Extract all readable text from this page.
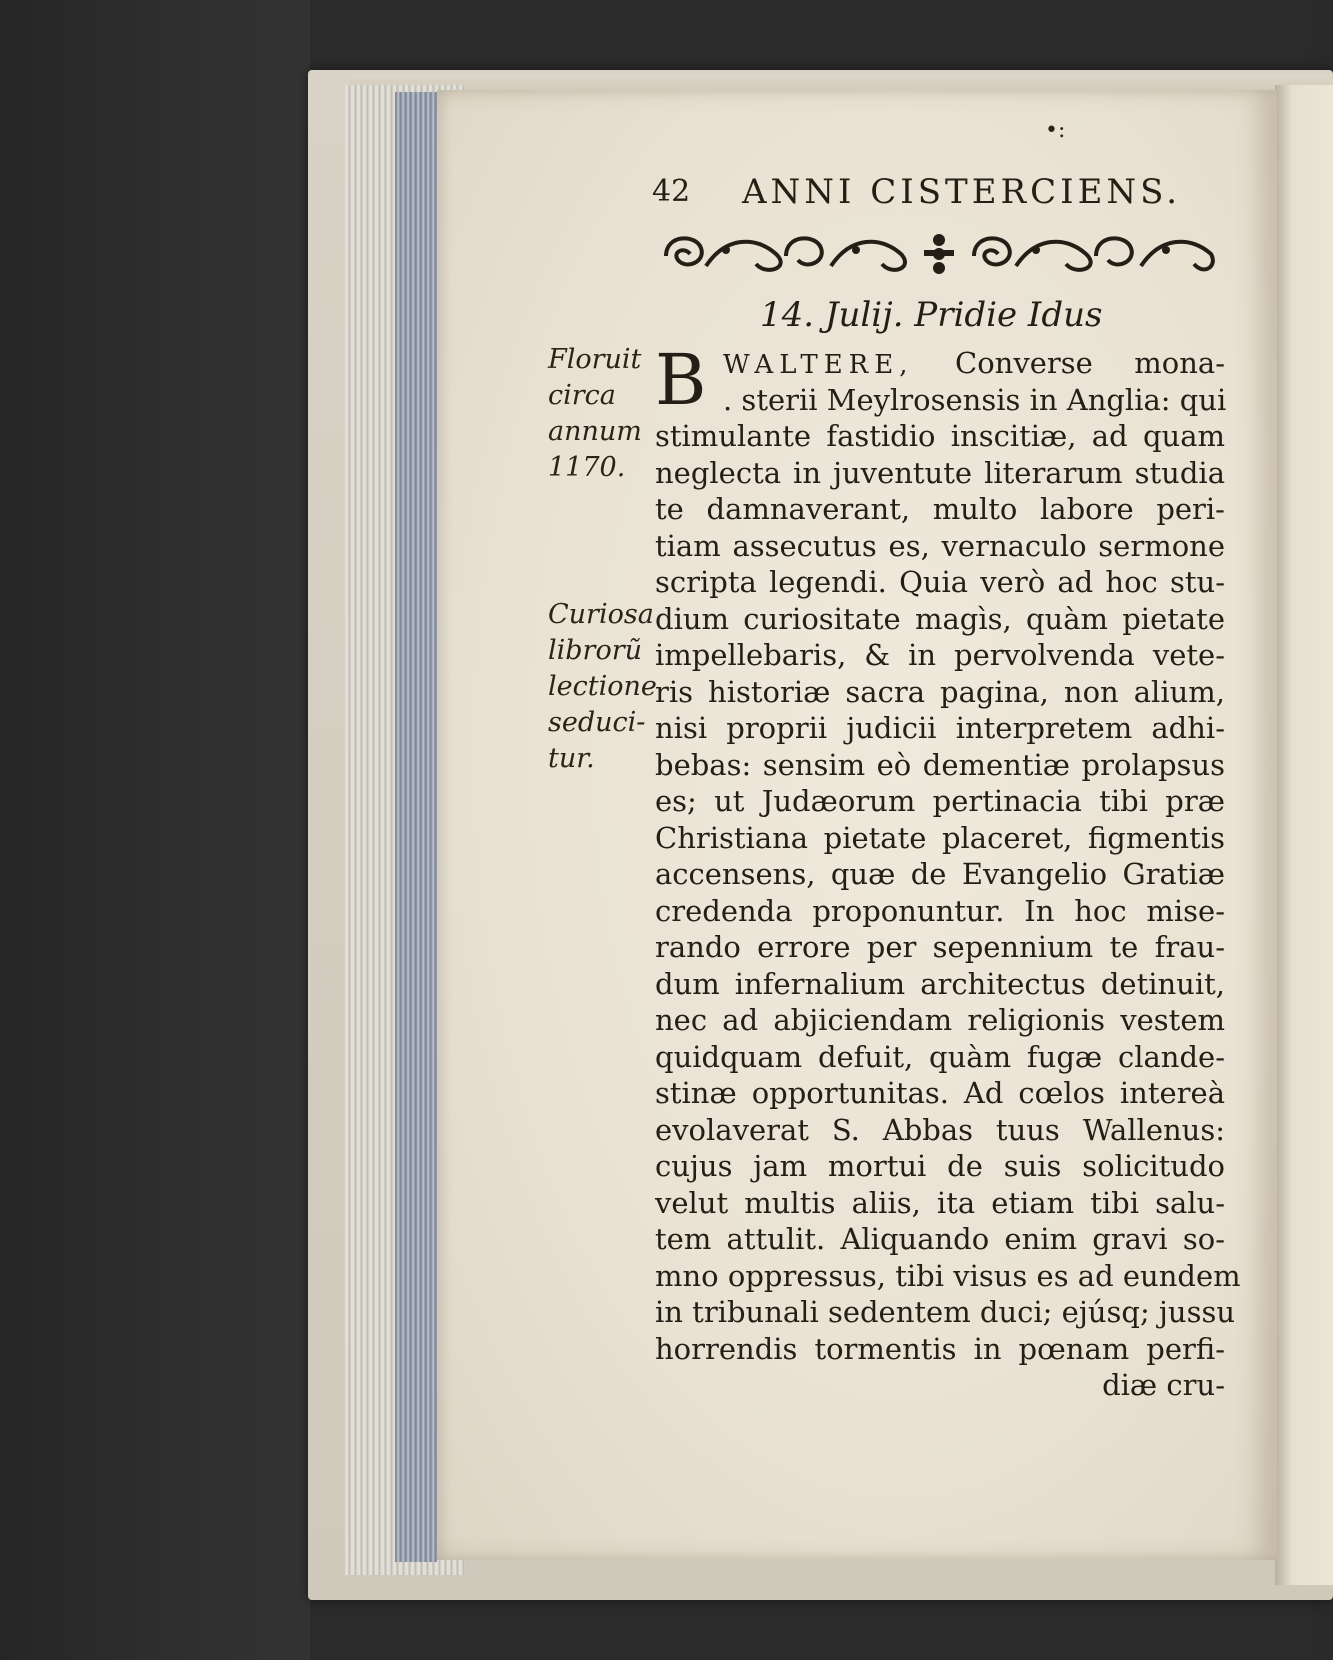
•:
42 ANNI CISTERCIENS.
14. Julij. Pridie Idus
Floruit
circa
annum
1170.
Curiosa
librorũ
lectione
seduci-
tur.
B WALTERE, Converse mona-
. sterii Meylrosensis in Anglia: qui
stimulante fastidio inscitiæ, ad quam
neglecta in juventute literarum studia
te damnaverant, multo labore peri-
tiam assecutus es, vernaculo sermone
scripta legendi. Quia verò ad hoc stu-
dium curiositate magìs, quàm pietate
impellebaris, & in pervolvenda vete-
ris historiæ sacra pagina, non alium,
nisi proprii judicii interpretem adhi-
bebas: sensim eò dementiæ prolapsus
es; ut Judæorum pertinacia tibi præ
Christiana pietate placeret, figmentis
accensens, quæ de Evangelio Gratiæ
credenda proponuntur. In hoc mise-
rando errore per sepennium te frau-
dum infernalium architectus detinuit,
nec ad abjiciendam religionis vestem
quidquam defuit, quàm fugæ clande-
stinæ opportunitas. Ad cœlos intereà
evolaverat S. Abbas tuus Wallenus:
cujus jam mortui de suis solicitudo
velut multis aliis, ita etiam tibi salu-
tem attulit. Aliquando enim gravi so-
mno oppressus, tibi visus es ad eundem
in tribunali sedentem duci; ejúsq; jussu
horrendis tormentis in pœnam perfi-
diæ cru-
